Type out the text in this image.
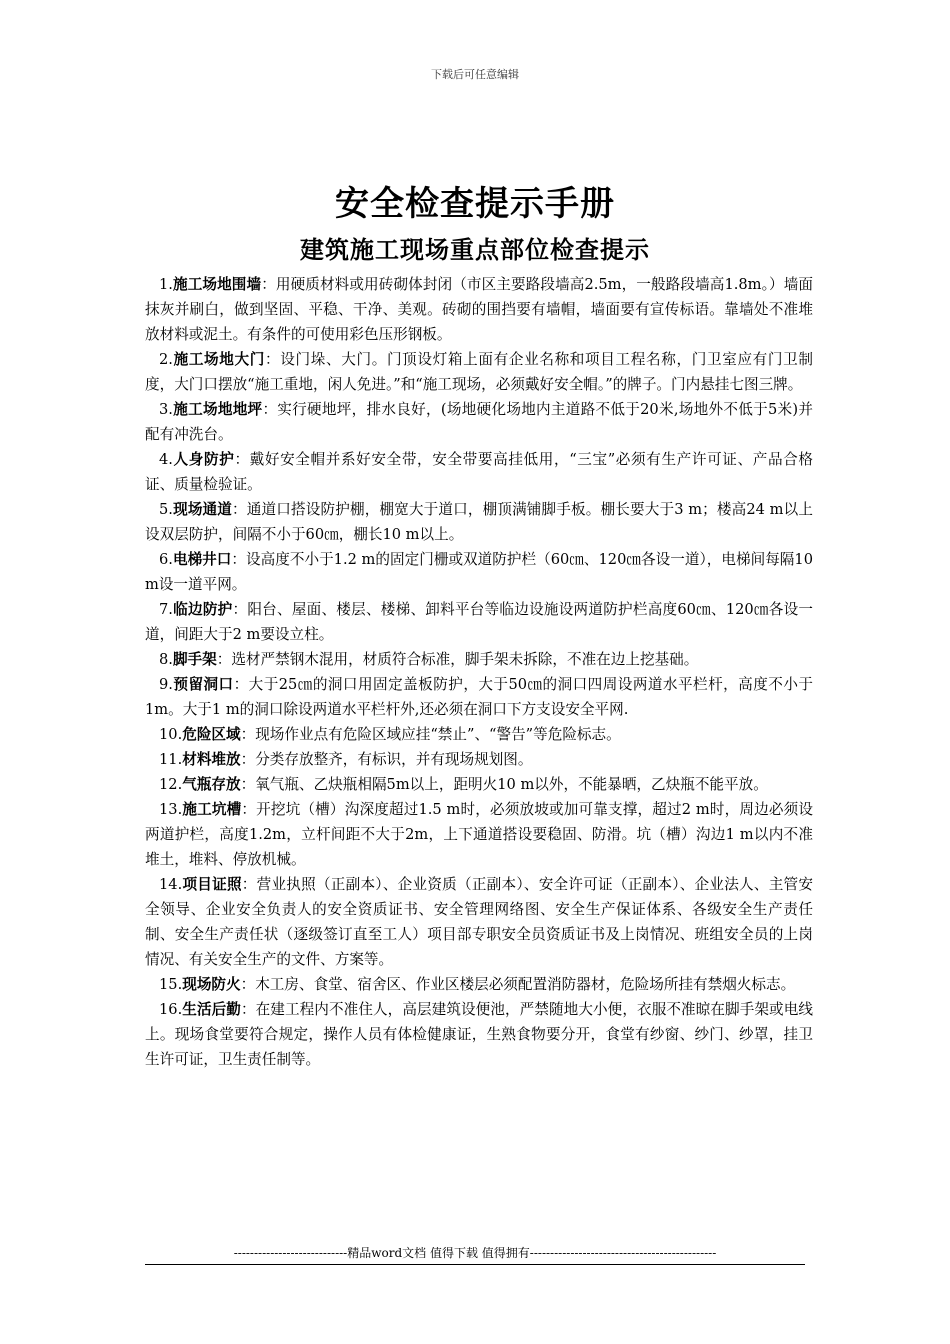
下载后可任意编辑
安全检查提示手册
建筑施工现场重点部位检查提示

1.施工场地围墙：用硬质材料或用砖砌体封闭（市区主要路段墙高2.5m，一般路段墙高1.8m。）墙面抹灰并刷白，做到坚固、平稳、干净、美观。砖砌的围挡要有墙帽，墙面要有宣传标语。靠墙处不准堆放材料或泥土。有条件的可使用彩色压形钢板。

2.施工场地大门：设门垛、大门。门顶设灯箱上面有企业名称和项目工程名称，门卫室应有门卫制度，大门口摆放“施工重地，闲人免进。”和“施工现场，必须戴好安全帽。”的牌子。门内悬挂七图三牌。

3.施工场地地坪：实行硬地坪，排水良好，(场地硬化场地内主道路不低于20米,场地外不低于5米)并配有冲洗台。

4.人身防护：戴好安全帽并系好安全带，安全带要高挂低用，“三宝”必须有生产许可证、产品合格证、质量检验证。

5.现场通道：通道口搭设防护棚，棚宽大于道口，棚顶满铺脚手板。棚长要大于3 m；楼高24 m以上设双层防护，间隔不小于60㎝，棚长10 m以上。

6.电梯井口：设高度不小于1.2 m的固定门栅或双道防护栏（60㎝、120㎝各设一道），电梯间每隔10 m设一道平网。

7.临边防护：阳台、屋面、楼层、楼梯、卸料平台等临边设施设两道防护栏高度60㎝、120㎝各设一道，间距大于2 m要设立柱。

8.脚手架：选材严禁钢木混用，材质符合标准，脚手架未拆除，不准在边上挖基础。

9.预留洞口：大于25㎝的洞口用固定盖板防护，大于50㎝的洞口四周设两道水平栏杆，高度不小于1m。大于1 m的洞口除设两道水平栏杆外,还必须在洞口下方支设安全平网.

10.危险区域：现场作业点有危险区域应挂“禁止”、“警告”等危险标志。

11.材料堆放：分类存放整齐，有标识，并有现场规划图。

12.气瓶存放：氧气瓶、乙炔瓶相隔5m以上，距明火10 m以外，不能暴晒，乙炔瓶不能平放。

13.施工坑槽：开挖坑（槽）沟深度超过1.5 m时，必须放坡或加可靠支撑，超过2 m时，周边必须设两道护栏，高度1.2m，立杆间距不大于2m，上下通道搭设要稳固、防滑。坑（槽）沟边1 m以内不准堆土，堆料、停放机械。

14.项目证照：营业执照（正副本）、企业资质（正副本）、安全许可证（正副本）、企业法人、主管安全领导、企业安全负责人的安全资质证书、安全管理网络图、安全生产保证体系、各级安全生产责任制、安全生产责任状（逐级签订直至工人）项目部专职安全员资质证书及上岗情况、班组安全员的上岗情况、有关安全生产的文件、方案等。

15.现场防火：木工房、食堂、宿舍区、作业区楼层必须配置消防器材，危险场所挂有禁烟火标志。

16.生活后勤：在建工程内不准住人，高层建筑设便池，严禁随地大小便，衣服不准晾在脚手架或电线上。现场食堂要符合规定，操作人员有体检健康证，生熟食物要分开，食堂有纱窗、纱门、纱罩，挂卫生许可证，卫生责任制等。

----------------------------精品word文档 值得下载 值得拥有----------------------------------------------
